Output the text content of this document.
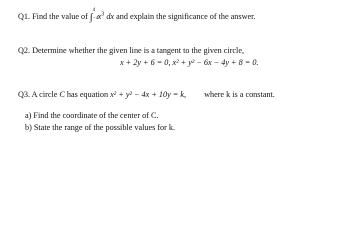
Q1. Find the value of ∫
4
−4 $x^3$ dx and explain the significance of the answer.
Q2. Determine whether the given line is a tangent to the given circle,
x + 2y + 6 = 0, x² + y² − 6x − 4y + 8 = 0.
Q3. A circle C has equation x² + y² − 4x + 10y = k, where k is a constant.
a) Find the coordinate of the center of C.
b) State the range of the possible values for k.
